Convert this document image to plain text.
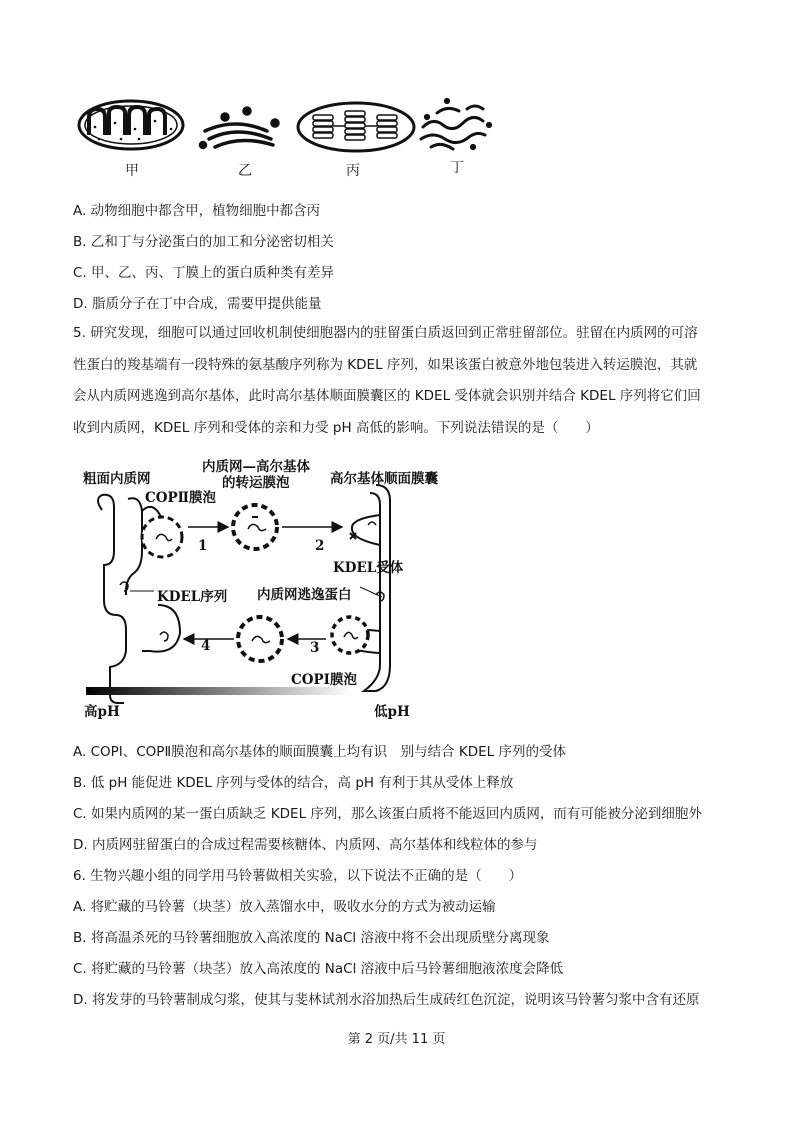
甲	乙	丙	丁
A. 动物细胞中都含甲，植物细胞中都含丙
B. 乙和丁与分泌蛋白的加工和分泌密切相关
C. 甲、乙、丙、丁膜上的蛋白质种类有差异
D. 脂质分子在丁中合成，需要甲提供能量
5. 研究发现，细胞可以通过回收机制使细胞器内的驻留蛋白质返回到正常驻留部位。驻留在内质网的可溶
性蛋白的羧基端有一段特殊的氨基酸序列称为 KDEL 序列，如果该蛋白被意外地包装进入转运膜泡，其就
会从内质网逃逸到高尔基体，此时高尔基体顺面膜囊区的 KDEL 受体就会识别并结合 KDEL 序列将它们回
收到内质网，KDEL 序列和受体的亲和力受 pH 高低的影响。下列说法错误的是（　　）
粗面内质网
内质网—高尔基体
的转运膜泡	高尔基体顺面膜囊
COPⅡ膜泡
1	2
KDEL受体
内质网逃逸蛋白
KDEL序列
3
4
COPⅠ膜泡
高pH	低pH
A. COPⅠ、COPⅡ膜泡和高尔基体的顺面膜囊上均有识　别与结合 KDEL 序列的受体
B. 低 pH 能促进 KDEL 序列与受体的结合，高 pH 有利于其从受体上释放
C. 如果内质网的某一蛋白质缺乏 KDEL 序列，那么该蛋白质将不能返回内质网，而有可能被分泌到细胞外
D. 内质网驻留蛋白的合成过程需要核糖体、内质网、高尔基体和线粒体的参与
6. 生物兴趣小组的同学用马铃薯做相关实验，以下说法不正确的是（　　）
A. 将贮藏的马铃薯（块茎）放入蒸馏水中，吸收水分的方式为被动运输
B. 将高温杀死的马铃薯细胞放入高浓度的 NaCl 溶液中将不会出现质壁分离现象
C. 将贮藏的马铃薯（块茎）放入高浓度的 NaCl 溶液中后马铃薯细胞液浓度会降低
D. 将发芽的马铃薯制成匀浆，使其与斐林试剂水浴加热后生成砖红色沉淀，说明该马铃薯匀浆中含有还原
第 2 页/共 11 页
